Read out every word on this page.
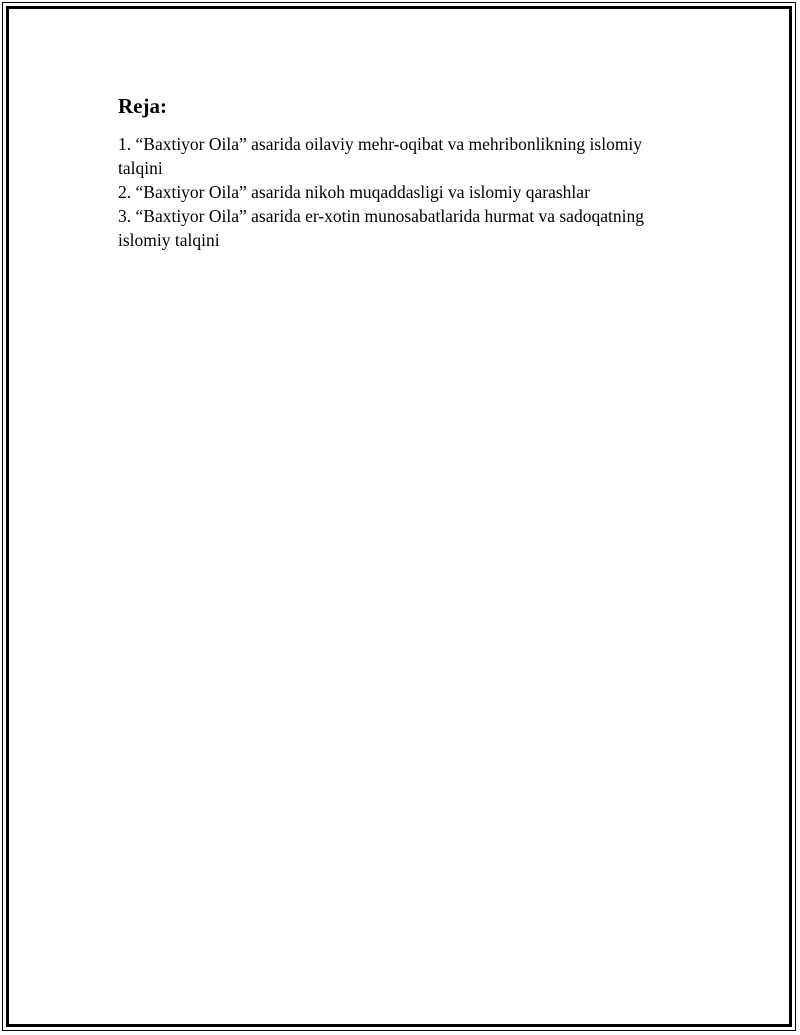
Reja:
1. “Baxtiyor Oila” asarida oilaviy mehr-oqibat va mehribonlikning islomiy talqini
2. “Baxtiyor Oila” asarida nikoh muqaddasligi va islomiy qarashlar
3. “Baxtiyor Oila” asarida er-xotin munosabatlarida hurmat va sadoqatning islomiy talqini
